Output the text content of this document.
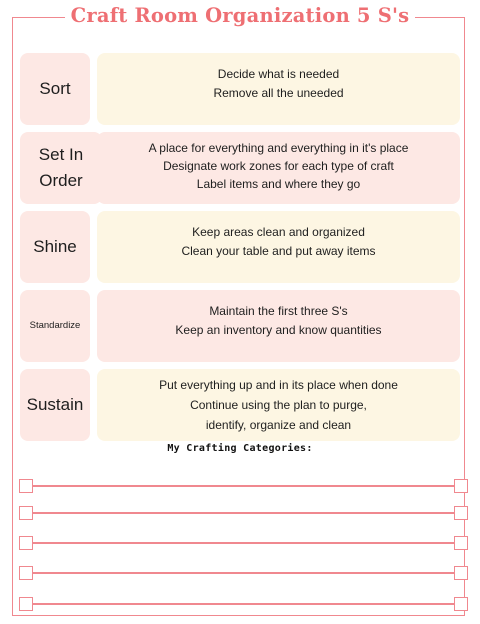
Craft Room Organization 5 S's
Sort
Decide what is needed
Remove all the uneeded
Set In Order
A place for everything and everything in it's place
Designate work zones for each type of craft
Label items and where they go
Shine
Keep areas clean and organized
Clean your table and put away items
Standardize
Maintain the first three S's
Keep an inventory and know quantities
Sustain
Put everything up and in its place when done
Continue using the plan to purge,
identify, organize and clean
My Crafting Categories:
